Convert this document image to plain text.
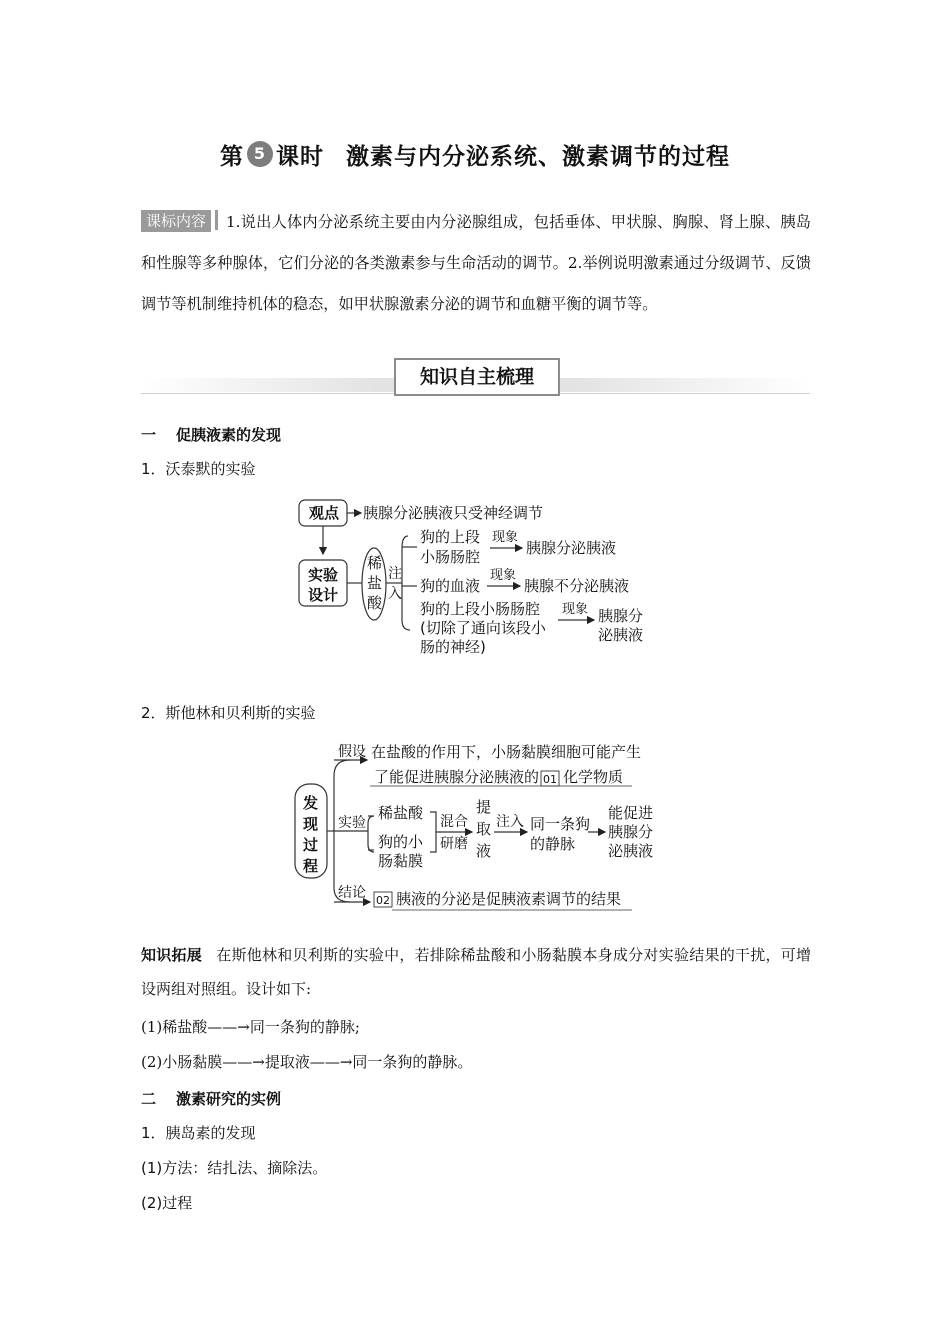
第 5 课时 激素与内分泌系统、激素调节的过程
课标内容 1.说出人体内分泌系统主要由内分泌腺组成，包括垂体、甲状腺、胸腺、肾上腺、胰岛和性腺等多种腺体，它们分泌的各类激素参与生命活动的调节。2.举例说明激素通过分级调节、反馈调节等机制维持机体的稳态，如甲状腺激素分泌的调节和血糖平衡的调节等。
知识自主梳理
一 促胰液素的发现
1．沃泰默的实验
观点 胰腺分泌胰液只受神经调节
实验
设计
稀
盐
酸
注
入
狗的上段
小肠肠腔
现象
胰腺分泌胰液
狗的血液
现象
胰腺不分泌胰液
狗的上段小肠肠腔
(切除了通向该段小
肠的神经)
现象 胰腺分
泌胰液
2．斯他林和贝利斯的实验
发
现
过
程
假设 在盐酸的作用下，小肠黏膜细胞可能产生
了能促进胰腺分泌胰液的 01 化学物质
实验
稀盐酸
狗的小
肠黏膜
混合
研磨
提
取
液
注入 同一条狗
的静脉
能促进
胰腺分
泌胰液
结论 02 胰液的分泌是促胰液素调节的结果
知识拓展 在斯他林和贝利斯的实验中，若排除稀盐酸和小肠黏膜本身成分对实验结果的干扰，可增设两组对照组。设计如下:
(1)稀盐酸——→同一条狗的静脉;
(2)小肠黏膜——→提取液——→同一条狗的静脉。
二 激素研究的实例
1．胰岛素的发现
(1)方法：结扎法、摘除法。
(2)过程
